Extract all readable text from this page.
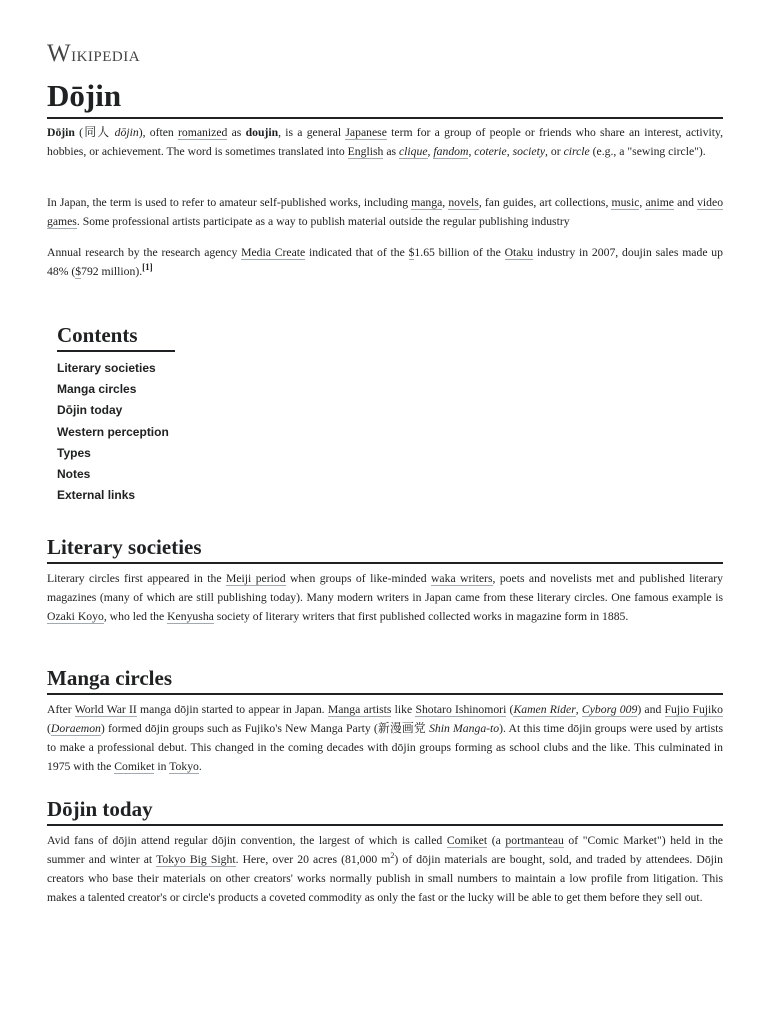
Wikipedia
Dōjin

Dōjin (同人 dōjin), often romanized as doujin, is a general Japanese term for a group of people or friends who share an interest, activity, hobbies, or achievement. The word is sometimes translated into English as clique, fandom, coterie, society, or circle (e.g., a "sewing circle").

In Japan, the term is used to refer to amateur self-published works, including manga, novels, fan guides, art collections, music, anime and video games. Some professional artists participate as a way to publish material outside the regular publishing industry

Annual research by the research agency Media Create indicated that of the $1.65 billion of the Otaku industry in 2007, doujin sales made up 48% ($792 million).[1]

Contents
Literary societies
Manga circles
Dōjin today
Western perception
Types
Notes
External links
Literary societies

Literary circles first appeared in the Meiji period when groups of like-minded waka writers, poets and novelists met and published literary magazines (many of which are still publishing today). Many modern writers in Japan came from these literary circles. One famous example is Ozaki Koyo, who led the Kenyusha society of literary writers that first published collected works in magazine form in 1885.

Manga circles

After World War II manga dōjin started to appear in Japan. Manga artists like Shotaro Ishinomori (Kamen Rider, Cyborg 009) and Fujio Fujiko (Doraemon) formed dōjin groups such as Fujiko's New Manga Party (新漫画党 Shin Manga-to). At this time dōjin groups were used by artists to make a professional debut. This changed in the coming decades with dōjin groups forming as school clubs and the like. This culminated in 1975 with the Comiket in Tokyo.

Dōjin today

Avid fans of dōjin attend regular dōjin convention, the largest of which is called Comiket (a portmanteau of "Comic Market") held in the summer and winter at Tokyo Big Sight. Here, over 20 acres (81,000 $m^2$) of dōjin materials are bought, sold, and traded by attendees. Dōjin creators who base their materials on other creators' works normally publish in small numbers to maintain a low profile from litigation. This makes a talented creator's or circle's products a coveted commodity as only the fast or the lucky will be able to get them before they sell out.
